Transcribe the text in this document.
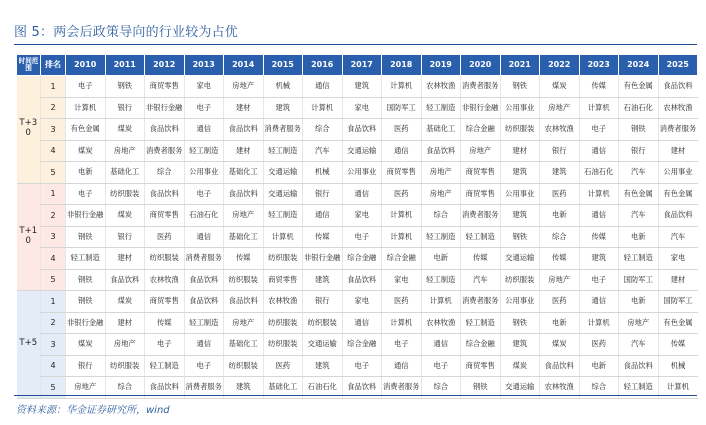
图 5：两会后政策导向的行业较为占优
时间范围	排名	2010	2011	2012	2013	2014	2015	2016	2017	2018	2019	2020	2021	2022	2023	2024	2025
T+30	1	电子	钢铁	商贸零售	家电	房地产	机械	通信	建筑	计算机	农林牧渔	消费者服务	钢铁	煤炭	传媒	有色金属	食品饮料
	2	计算机	银行	非银行金融	电子	建材	建筑	计算机	家电	国防军工	轻工制造	非银行金融	公用事业	房地产	计算机	石油石化	农林牧渔
	3	有色金属	煤炭	食品饮料	通信	食品饮料	消费者服务	综合	食品饮料	医药	基础化工	综合金融	纺织服装	农林牧渔	电子	钢铁	消费者服务
	4	煤炭	房地产	消费者服务	轻工制造	建材	轻工制造	汽车	交通运输	通信	食品饮料	房地产	建材	银行	通信	银行	建材
	5	电新	基础化工	综合	公用事业	基础化工	交通运输	机械	公用事业	商贸零售	房地产	商贸零售	建筑	建筑	石油石化	汽车	公用事业
T+10	1	电子	纺织服装	食品饮料	电子	食品饮料	交通运输	银行	通信	医药	房地产	商贸零售	公用事业	医药	计算机	有色金属	有色金属
	2	非银行金融	煤炭	商贸零售	石油石化	房地产	轻工制造	通信	家电	计算机	综合	消费者服务	建筑	电新	通信	汽车	食品饮料
	3	钢铁	银行	医药	通信	基础化工	计算机	传媒	电子	计算机	轻工制造	轻工制造	钢铁	综合	传媒	电新	汽车
	4	轻工制造	建材	纺织服装	消费者服务	传媒	纺织服装	非银行金融	综合金融	综合金融	电新	传媒	交通运输	传媒	建筑	轻工制造	家电
	5	钢铁	食品饮料	农林牧渔	食品饮料	纺织服装	商贸零售	建筑	食品饮料	家电	轻工制造	汽车	纺织服装	房地产	电子	国防军工	建材
T+5	1	钢铁	煤炭	商贸零售	食品饮料	食品饮料	农林牧渔	银行	家电	医药	计算机	消费者服务	公用事业	医药	通信	电新	国防军工
	2	非银行金融	建材	传媒	轻工制造	房地产	纺织服装	纺织服装	通信	计算机	农林牧渔	轻工制造	钢铁	电新	计算机	房地产	有色金属
	3	煤炭	房地产	电子	通信	基础化工	纺织服装	交通运输	综合金融	电子	通信	综合金融	建筑	煤炭	医药	汽车	传媒
	4	银行	纺织服装	轻工制造	电子	纺织服装	医药	建筑	电子	通信	电子	商贸零售	煤炭	食品饮料	电新	食品饮料	机械
	5	房地产	综合	食品饮料	消费者服务	建筑	基础化工	石油石化	食品饮料	消费者服务	综合	钢铁	交通运输	农林牧渔	综合	轻工制造	计算机
资料来源：华金证券研究所，wind
